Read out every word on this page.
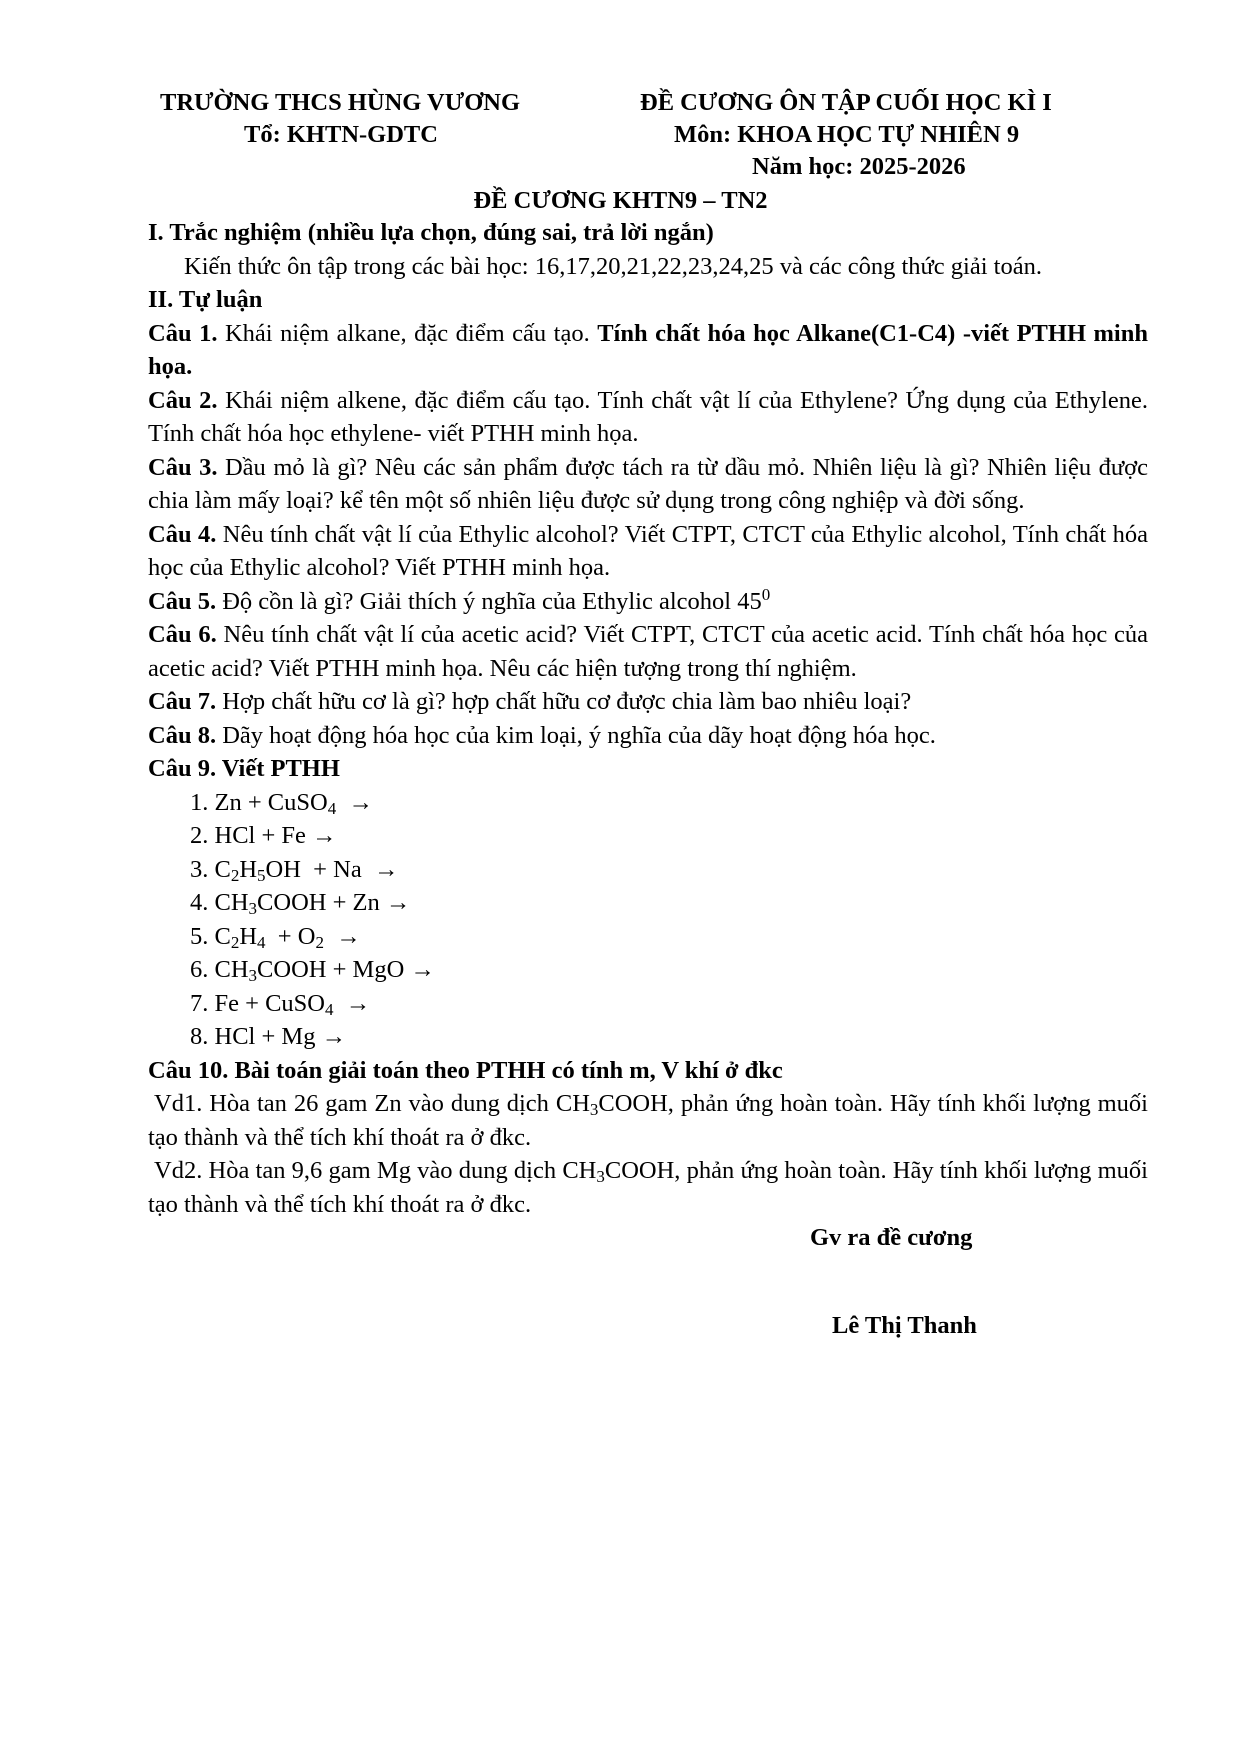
TRƯỜNG THCS HÙNG VƯƠNG
Tổ: KHTN-GDTC
ĐỀ CƯƠNG ÔN TẬP CUỐI HỌC KÌ I
Môn: KHOA HỌC TỰ NHIÊN 9
Năm học: 2025-2026
ĐỀ CƯƠNG KHTN9 – TN2

I. Trắc nghiệm (nhiều lựa chọn, đúng sai, trả lời ngắn)

Kiến thức ôn tập trong các bài học: 16,17,20,21,22,23,24,25 và các công thức giải toán.

II. Tự luận

Câu 1. Khái niệm alkane, đặc điểm cấu tạo. Tính chất hóa học Alkane(C1-C4) -viết PTHH minh họa.

Câu 2. Khái niệm alkene, đặc điểm cấu tạo. Tính chất vật lí của Ethylene? Ứng dụng của Ethylene. Tính chất hóa học ethylene- viết PTHH minh họa.

Câu 3. Dầu mỏ là gì? Nêu các sản phẩm được tách ra từ dầu mỏ. Nhiên liệu là gì? Nhiên liệu được chia làm mấy loại? kể tên một số nhiên liệu được sử dụng trong công nghiệp và đời sống.

Câu 4. Nêu tính chất vật lí của Ethylic alcohol? Viết CTPT, CTCT của Ethylic alcohol, Tính chất hóa học của Ethylic alcohol? Viết PTHH minh họa.

Câu 5. Độ cồn là gì? Giải thích ý nghĩa của Ethylic alcohol $45^0$

Câu 6. Nêu tính chất vật lí của acetic acid? Viết CTPT, CTCT của acetic acid. Tính chất hóa học của acetic acid? Viết PTHH minh họa. Nêu các hiện tượng trong thí nghiệm.

Câu 7. Hợp chất hữu cơ là gì? hợp chất hữu cơ được chia làm bao nhiêu loại?

Câu 8. Dãy hoạt động hóa học của kim loại, ý nghĩa của dãy hoạt động hóa học.

Câu 9. Viết PTHH

1. Zn + CuSO$_4$  →

2. HCl + Fe →

3. $C_2H_5OH + Na$  →

4. $CH_3COOH + Zn$ →

5. $C_2H_4 + O_2$  →

6. $CH_3COOH$ + MgO →

7. Fe + CuSO$_4$  →

8. HCl + Mg →

Câu 10. Bài toán giải toán theo PTHH có tính m, V khí ở đkc

Vd1. Hòa tan 26 gam Zn vào dung dịch $CH_3COOH$, phản ứng hoàn toàn. Hãy tính khối lượng muối tạo thành và thể tích khí thoát ra ở đkc.

Vd2. Hòa tan 9,6 gam Mg vào dung dịch $CH_3COOH$, phản ứng hoàn toàn. Hãy tính khối lượng muối tạo thành và thể tích khí thoát ra ở đkc.

Gv ra đề cương

Lê Thị Thanh
